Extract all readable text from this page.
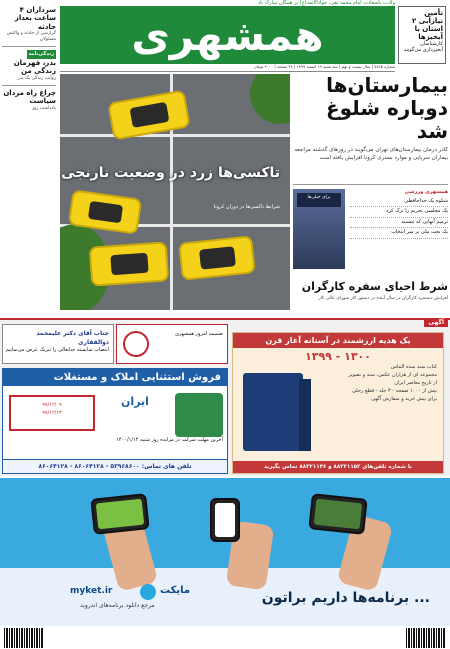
ولادت باسعادت امام محمد تقی، جوادالائمه(ع) بر همگان مبارک باد
همشهری
شماره ۷۸۴۵ | سال بیست و نهم | سه شنبه ۱۹ اسفند ۱۳۹۹ | ۲۴ صفحه | ۴۰۰۰ تومان
تأمین نیازآبی ۲ استان با آبخیزها
کارشناسان آبخیزداری می‌گویند
سرداران ۴ ساعت بعداز حادثه
گزارشی از حادثه و واکنش مسئولان
زندگی‌نامه
بدر، قهرمان زندگی من
روایت زندگی یک پدر
چراغ راه مردان سیاست
یادداشت روز
تاکسی‌ها زرد در وضعیت نارنجی
شرایط تاکسی‌ها در دوران کرونا
بیمارستان‌ها دوباره شلوغ شد
کادر درمان بیمارستان‌های تهران می‌گویند در روزهای گذشته مراجعه بیماران سرپایی و موارد بستری کرونا افزایش یافته است
برای خیلی‌ها
همشهری ورزشی
شکوه یک خداحافظی
یک مجلسی تحریم را ترک کرد
ترمیم آنهایی که نیستند
یک بحث ملی بر سر انتخاب
شرط احیای سفره کارگران
افزایش دستمزد کارگران در سال آینده در دستور کار شورای عالی کار
آگهی
جناب آقای دکتر علیمحمد ذوالفقاری
انتصاب شایسته جنابعالی را تبریک عرض می‌نماییم
ضمیمه امروز همشهری
یک هدیه ارزشمند در آستانه آغاز قرن
۱۳۹۹ - ۱۳۰۰
کتاب سند سده الماس
مجموعه ای از هزاران عکس، سند و تصویر
از تاریخ معاصر ایران
بیش از ۱۰۰۰ صفحه - ۳ جلد - قطع رحلی
برای پیش خرید و سفارش آگهی
با شماره تلفن‌های ۸۸۳۲۱۱۵۲ و ۸۸۳۲۱۱۴۶ تماس بگیرید
فروش استثنایی املاک و مستغلات
ایران
۹۹/۱۲/۰۹
۹۹/۱۲/۱۳
آخرین مهلت شرکت در مزایده روز شنبه ۱۴۰۰/۱/۱۴
تلفن های تماس: ۵۳۹۶۸۶۰۰ - ۸۶۰۶۴۱۲۸ - ۸۶۰۶۴۱۲۸
برنامه‌ها داریم براتون ...
myket.ir	مایکت
مرجع دانلود برنامه‌های اندروید
